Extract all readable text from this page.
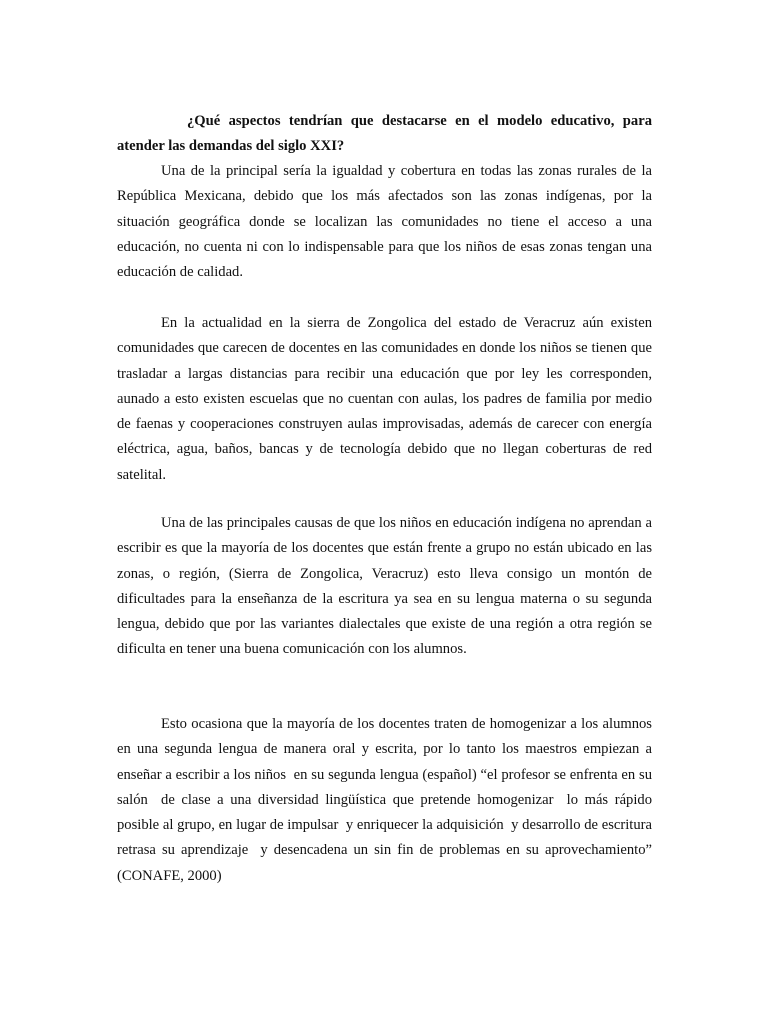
¿Qué aspectos tendrían que destacarse en el modelo educativo, para atender las demandas del siglo XXI?
Una de la principal sería la igualdad y cobertura en todas las zonas rurales de la República Mexicana, debido que los más afectados son las zonas indígenas, por la situación geográfica donde se localizan las comunidades no tiene el acceso a una educación, no cuenta ni con lo indispensable para que los niños de esas zonas tengan una educación de calidad.
En la actualidad en la sierra de Zongolica del estado de Veracruz aún existen comunidades que carecen de docentes en las comunidades en donde los niños se tienen que trasladar a largas distancias para recibir una educación que por ley les corresponden, aunado a esto existen escuelas que no cuentan con aulas, los padres de familia por medio de faenas y cooperaciones construyen aulas improvisadas, además de carecer con energía eléctrica, agua, baños, bancas y de tecnología debido que no llegan coberturas de red satelital.
Una de las principales causas de que los niños en educación indígena no aprendan a escribir es que la mayoría de los docentes que están frente a grupo no están ubicado en las zonas, o región, (Sierra de Zongolica, Veracruz) esto lleva consigo un montón de dificultades para la enseñanza de la escritura ya sea en su lengua materna o su segunda lengua, debido que por las variantes dialectales que existe de una región a otra región se dificulta en tener una buena comunicación con los alumnos.
Esto ocasiona que la mayoría de los docentes traten de homogenizar a los alumnos  en una segunda lengua de manera oral y escrita, por lo tanto los maestros empiezan a enseñar a escribir a los niños  en su segunda lengua (español) “el profesor se enfrenta en su salón  de clase a una diversidad lingüística que pretende homogenizar  lo más rápido posible al grupo, en lugar de impulsar  y enriquecer la adquisición  y desarrollo de escritura retrasa su aprendizaje  y desencadena un sin fin de problemas en su aprovechamiento” (CONAFE, 2000)
